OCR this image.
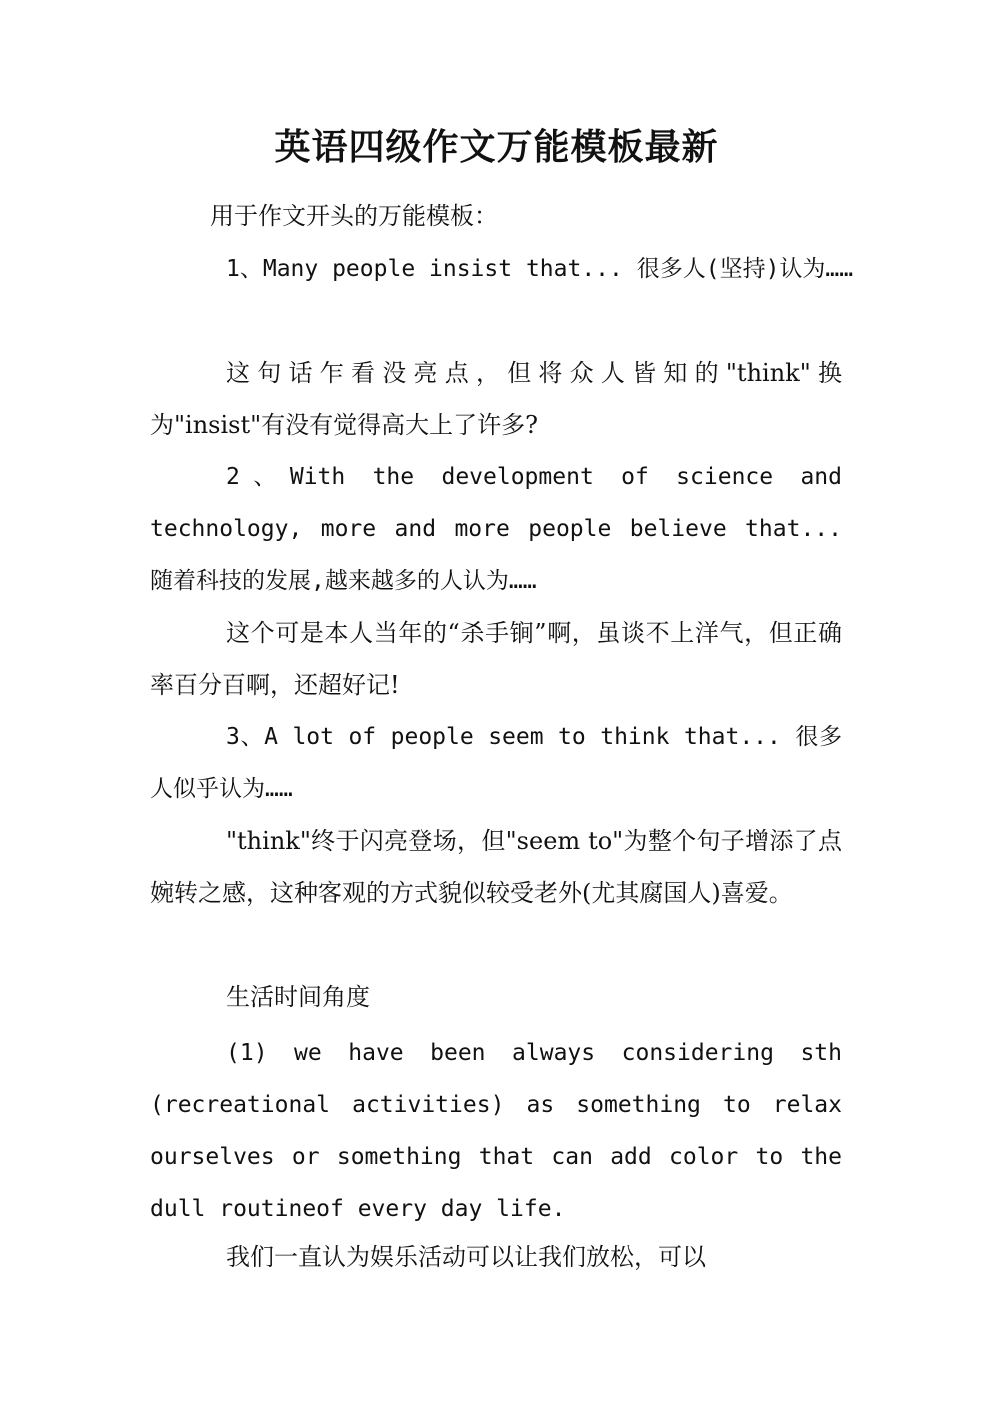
英语四级作文万能模板最新

用于作文开头的万能模板：

1、Many people insist that... 很多人(坚持)认为……

这句话乍看没亮点，但将众人皆知的"think"换为"insist"有没有觉得高大上了许多?

2、With the development of science and technology, more and more people believe that... 随着科技的发展,越来越多的人认为……

这个可是本人当年的“杀手锏”啊，虽谈不上洋气，但正确率百分百啊，还超好记!

3、A lot of people seem to think that... 很多人似乎认为……

"think"终于闪亮登场，但"seem to"为整个句子增添了点婉转之感，这种客观的方式貌似较受老外(尤其腐国人)喜爱。

生活时间角度

(1) we have been always considering sth (recreational activities) as something to relax ourselves or something that can add color to the dull routineof every day life.

我们一直认为娱乐活动可以让我们放松，可以
